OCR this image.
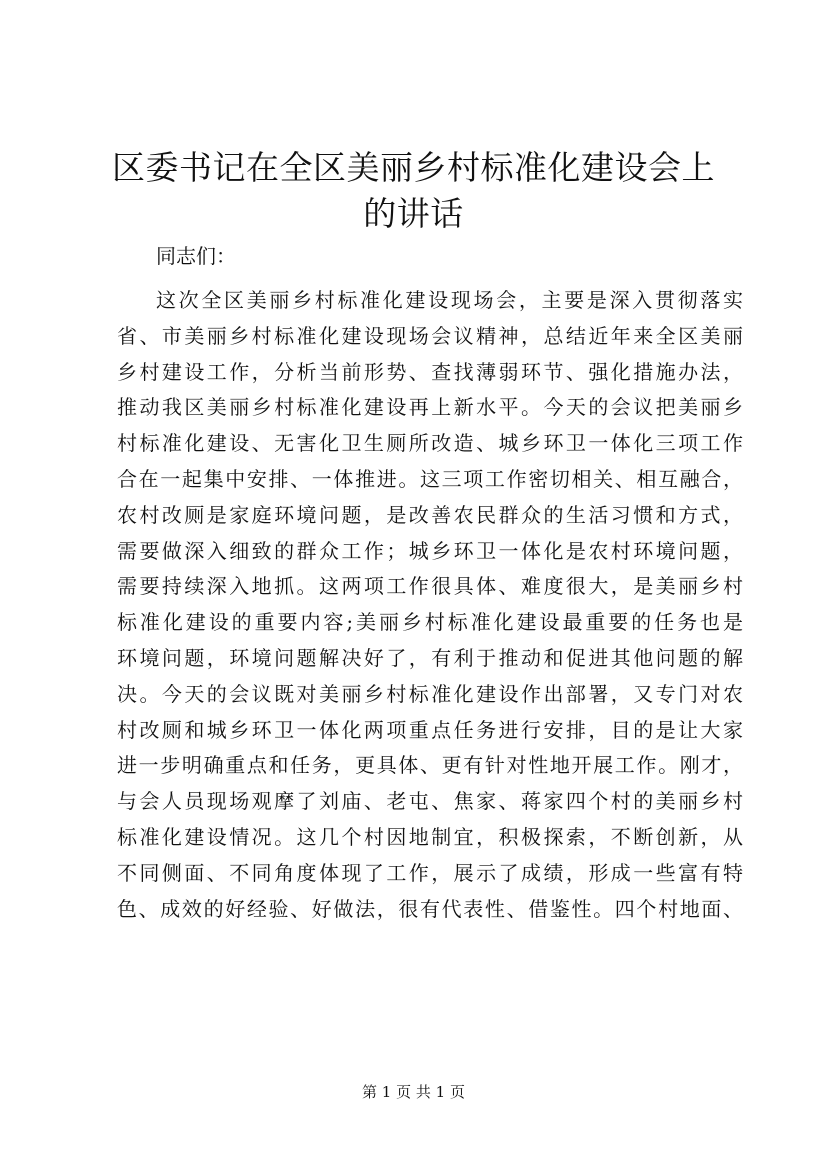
区委书记在全区美丽乡村标准化建设会上的讲话

同志们：

这次全区美丽乡村标准化建设现场会，主要是深入贯彻落实
省、市美丽乡村标准化建设现场会议精神，总结近年来全区美丽
乡村建设工作，分析当前形势、查找薄弱环节、强化措施办法，
推动我区美丽乡村标准化建设再上新水平。今天的会议把美丽乡
村标准化建设、无害化卫生厕所改造、城乡环卫一体化三项工作
合在一起集中安排、一体推进。这三项工作密切相关、相互融合，
农村改厕是家庭环境问题，是改善农民群众的生活习惯和方式，
需要做深入细致的群众工作；城乡环卫一体化是农村环境问题，
需要持续深入地抓。这两项工作很具体、难度很大，是美丽乡村
标准化建设的重要内容;美丽乡村标准化建设最重要的任务也是
环境问题，环境问题解决好了，有利于推动和促进其他问题的解
决。今天的会议既对美丽乡村标准化建设作出部署，又专门对农
村改厕和城乡环卫一体化两项重点任务进行安排，目的是让大家
进一步明确重点和任务，更具体、更有针对性地开展工作。刚才，
与会人员现场观摩了刘庙、老屯、焦家、蒋家四个村的美丽乡村
标准化建设情况。这几个村因地制宜，积极探索，不断创新，从
不同侧面、不同角度体现了工作，展示了成绩，形成一些富有特
色、成效的好经验、好做法，很有代表性、借鉴性。四个村地面、

第 1 页 共 1 页
